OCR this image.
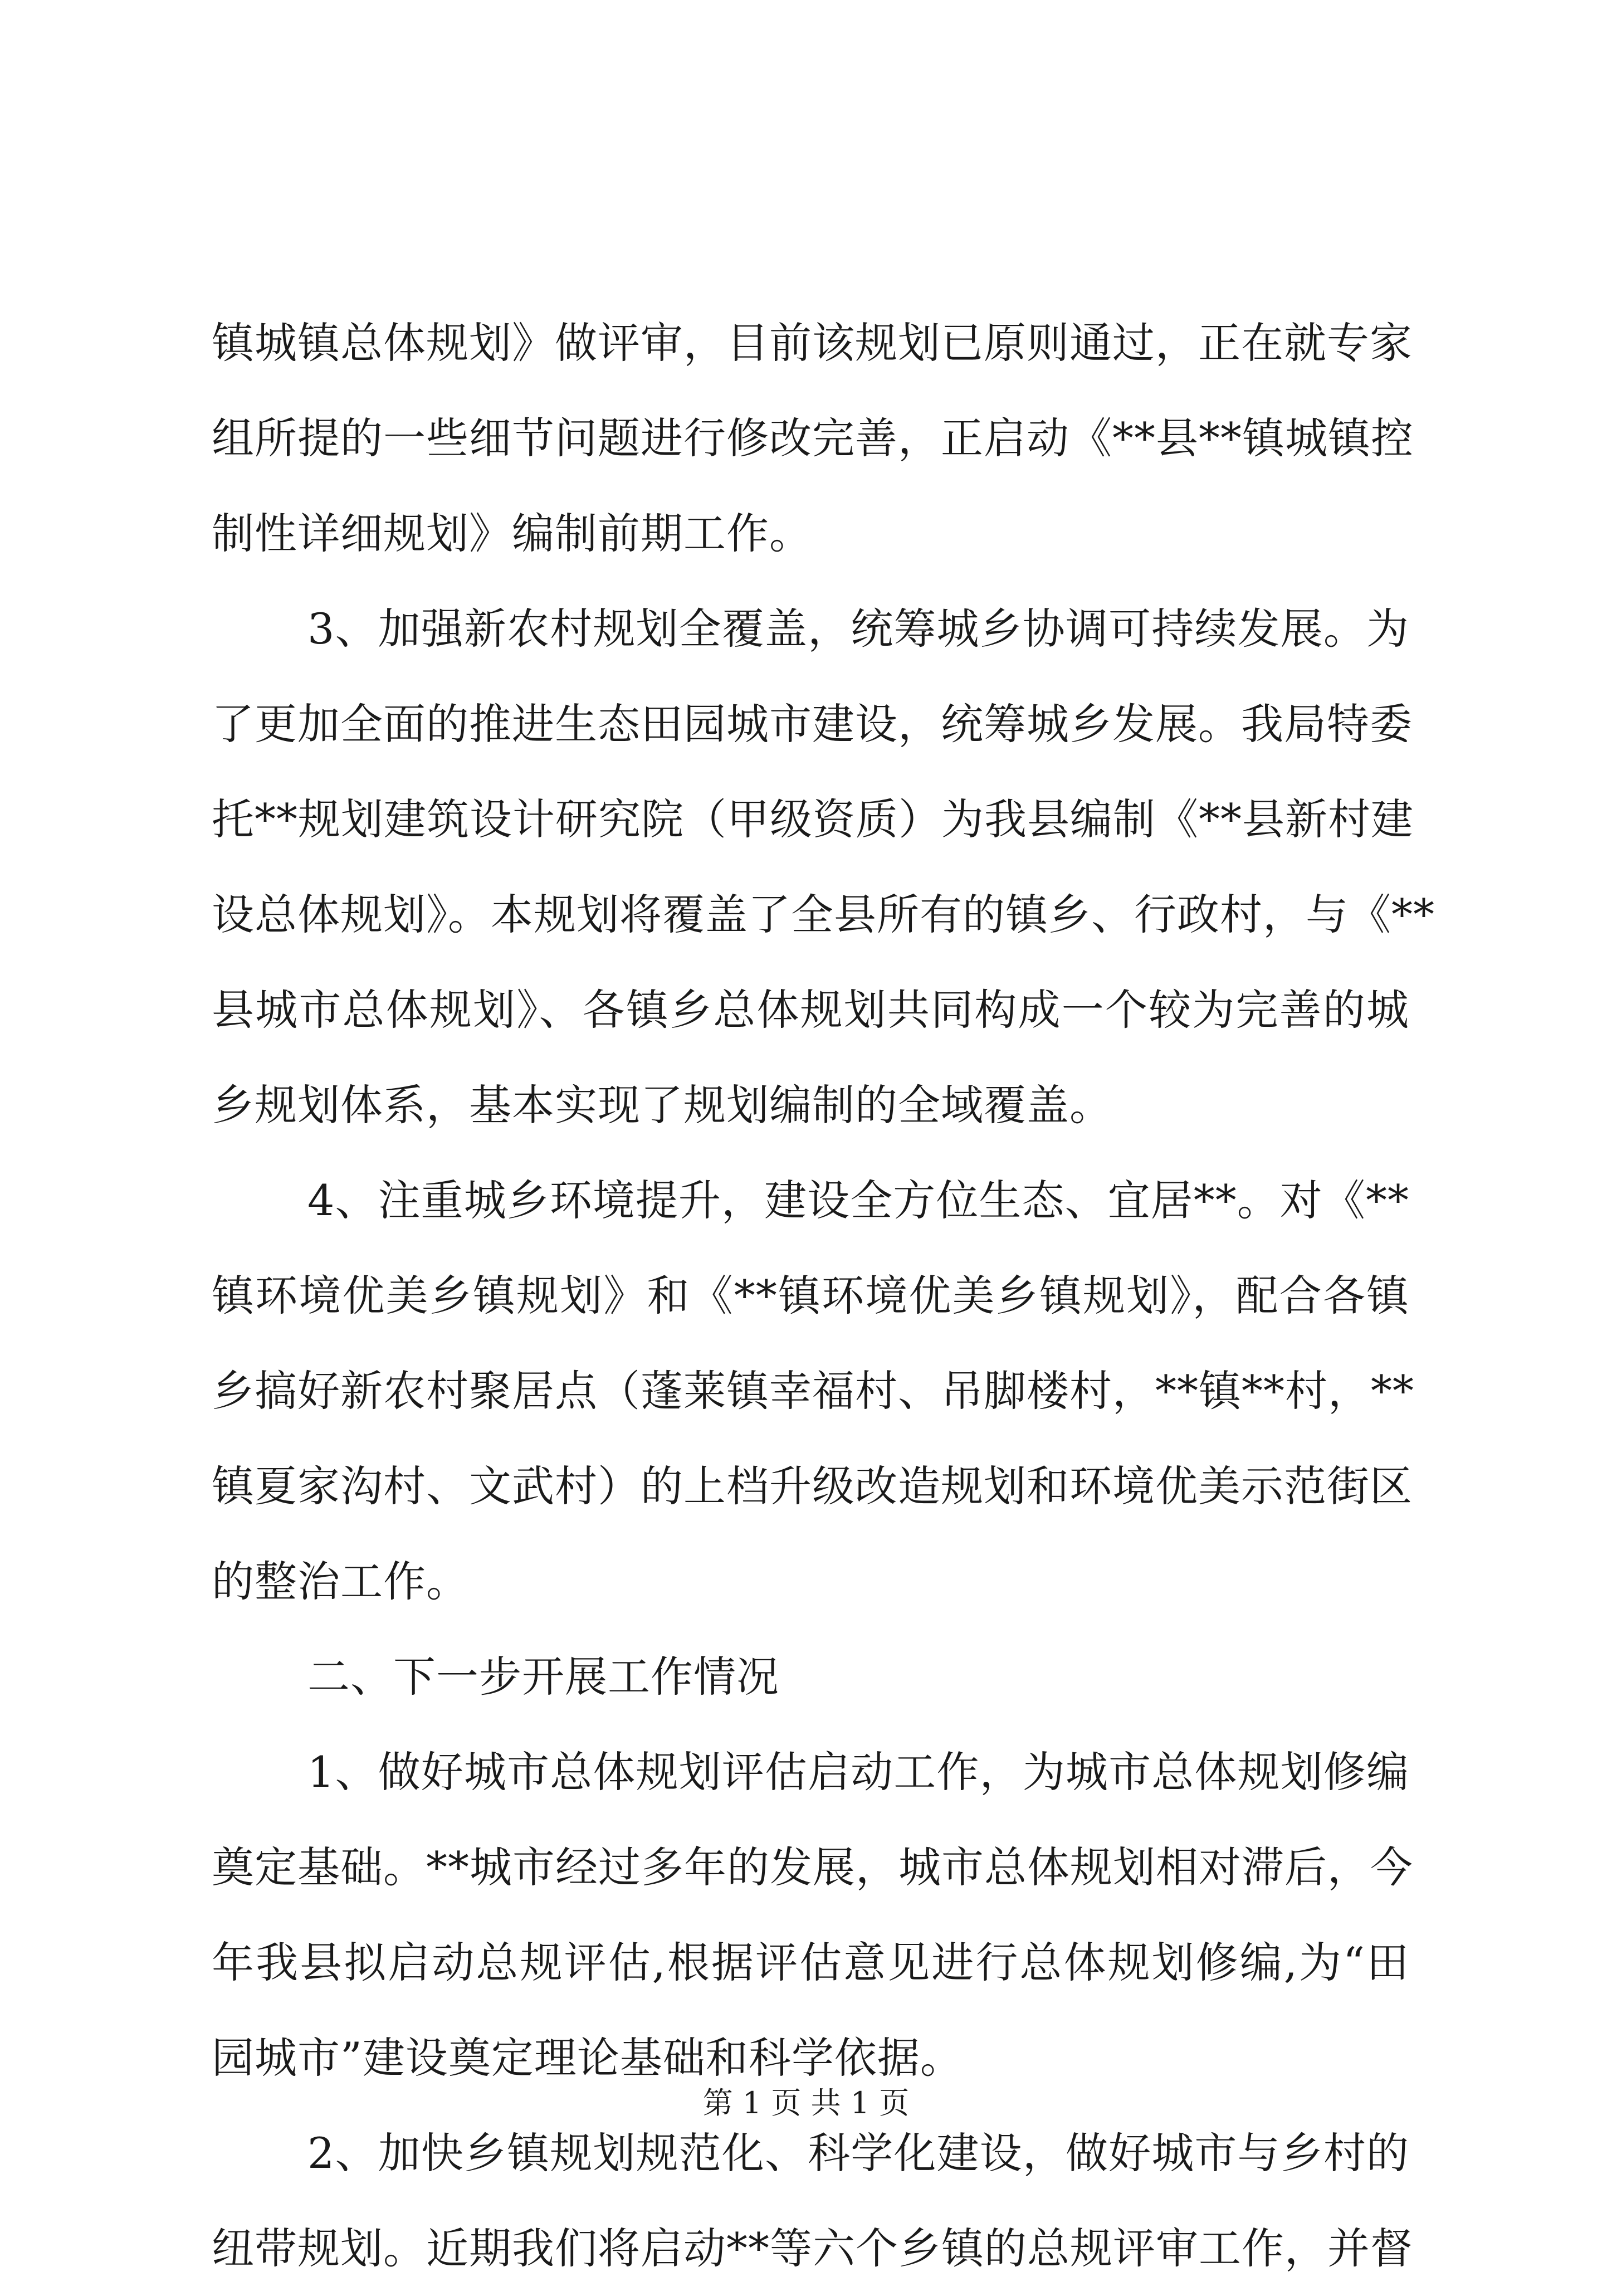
镇城镇总体规划》做评审，目前该规划已原则通过，正在就专家
组所提的一些细节问题进行修改完善，正启动《**县**镇城镇控
制性详细规划》编制前期工作。
3、加强新农村规划全覆盖，统筹城乡协调可持续发展。为
了更加全面的推进生态田园城市建设，统筹城乡发展。我局特委
托**规划建筑设计研究院（甲级资质）为我县编制《**县新村建
设总体规划》。本规划将覆盖了全县所有的镇乡、行政村，与《**
县城市总体规划》、各镇乡总体规划共同构成一个较为完善的城
乡规划体系，基本实现了规划编制的全域覆盖。
4、注重城乡环境提升，建设全方位生态、宜居**。对《**
镇环境优美乡镇规划》和《**镇环境优美乡镇规划》，配合各镇
乡搞好新农村聚居点（蓬莱镇幸福村、吊脚楼村，**镇**村，**
镇夏家沟村、文武村）的上档升级改造规划和环境优美示范街区
的整治工作。
二、下一步开展工作情况
1、做好城市总体规划评估启动工作，为城市总体规划修编
奠定基础。**城市经过多年的发展，城市总体规划相对滞后，今
年我县拟启动总规评估,根据评估意见进行总体规划修编,为“田
园城市”建设奠定理论基础和科学依据。
2、加快乡镇规划规范化、科学化建设，做好城市与乡村的
纽带规划。近期我们将启动**等六个乡镇的总规评审工作，并督
第 1 页 共 1 页
